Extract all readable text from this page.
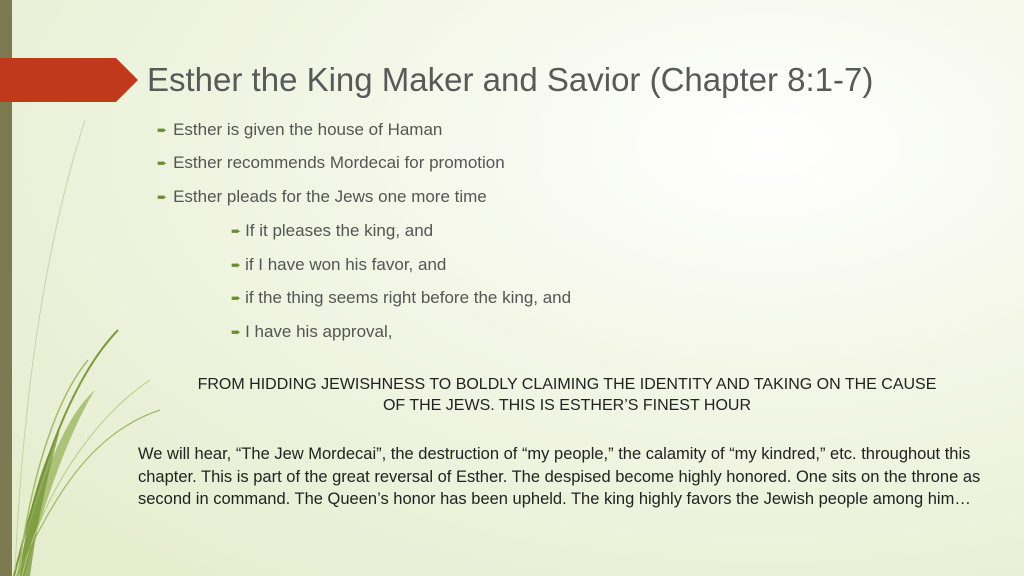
Esther the King Maker and Savior (Chapter 8:1-7)
➨ Esther is given the house of Haman
➨ Esther recommends Mordecai for promotion
➨ Esther pleads for the Jews one more time
➨ If it pleases the king, and
➨ if I have won his favor, and
➨ if the thing seems right before the king, and
➨ I have his approval,
FROM HIDDING JEWISHNESS TO BOLDLY CLAIMING THE IDENTITY AND TAKING ON THE CAUSE
OF THE JEWS. THIS IS ESTHER’S FINEST HOUR

We will hear, “The Jew Mordecai”, the destruction of “my people,” the calamity of “my kindred,” etc. throughout this chapter. This is part of the great reversal of Esther. The despised become highly honored. One sits on the throne as second in command. The Queen’s honor has been upheld. The king highly favors the Jewish people among him…
